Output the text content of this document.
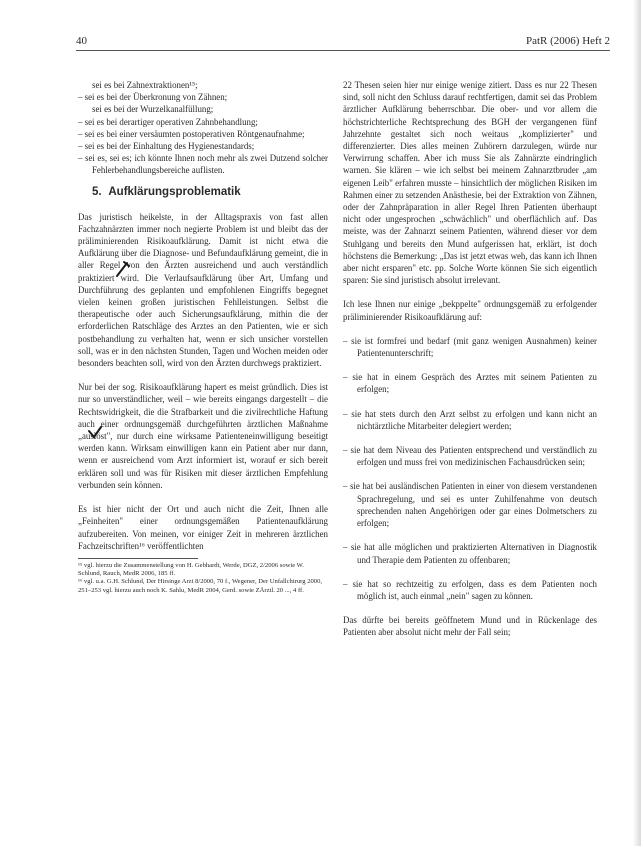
40	PatR (2006) Heft 2

sei es bei Zahnextraktionen¹⁵;

– sei es bei der Überkronung von Zähnen;

sei es bei der Wurzelkanalfüllung;

– sei es bei derartiger operativen Zahnbehandlung;

– sei es bei einer versäumten postoperativen Röntgenaufnahme;

– sei es bei der Einhaltung des Hygienestandards;

– sei es, sei es; ich könnte Ihnen noch mehr als zwei Dutzend solcher Fehlerbehandlungsbereiche auflisten.

5. Aufklärungsproblematik

Das juristisch heikelste, in der Alltagspraxis von fast allen Fachzahnärzten immer noch negierte Problem ist und bleibt das der präliminierenden Risikoaufklärung. Damit ist nicht etwa die Aufklärung über die Diagnose- und Befundaufklärung gemeint, die in aller Regel von den Ärzten ausreichend und auch verständlich praktiziert wird. Die Verlaufsaufklärung über Art, Umfang und Durchführung des geplanten und empfohlenen Eingriffs begegnet vielen keinen großen juristischen Fehlleistungen. Selbst die therapeutische oder auch Sicherungsaufklärung, mithin die der erforderlichen Ratschläge des Arztes an den Patienten, wie er sich postbehandlung zu verhalten hat, wenn er sich unsicher vorstellen soll, was er in den nächsten Stunden, Tagen und Wochen meiden oder besonders beachten soll, wird von den Ärzten durchwegs praktiziert.

Nur bei der sog. Risikoaufklärung hapert es meist gründlich. Dies ist nur so unverständlicher, weil – wie bereits eingangs dargestellt – die Rechtswidrigkeit, die die Strafbarkeit und die zivilrechtliche Haftung auch einer ordnungsgemäß durchgeführten ärztlichen Maßnahme „auslöst", nur durch eine wirksame Patienteneinwilligung beseitigt werden kann. Wirksam einwilligen kann ein Patient aber nur dann, wenn er ausreichend vom Arzt informiert ist, worauf er sich bereit erklären soll und was für Risiken mit dieser ärztlichen Empfehlung verbunden sein können.

Es ist hier nicht der Ort und auch nicht die Zeit, Ihnen alle „Feinheiten" einer ordnungsgemäßen Patientenaufklärung aufzubereiten. Von meinen, vor einiger Zeit in mehreren ärztlichen Fachzeitschriften¹⁶ veröffentlichten

¹⁵ vgl. hierzu die Zusammenstellung von H. Gebhardt, Werde, DGZ, 2/2006 sowie W. Schlund, Rauch, MedR 2006, 185 ff.

¹⁶ vgl. u.a. G.H. Schlund, Der Hirsinge Arzt 8/2000, 70 f., Wegener, Der Unfallchirurg 2000, 251–253 vgl. hierzu auch noch K. Sahlu, MedR 2004, Gerd. sowie ZÄrztl. 20 ..., 4 ff.

22 Thesen seien hier nur einige wenige zitiert. Dass es nur 22 Thesen sind, soll nicht den Schluss darauf rechtfertigen, damit sei das Problem ärztlicher Aufklärung beherrschbar. Die ober- und vor allem die höchstrichterliche Rechtsprechung des BGH der vergangenen fünf Jahrzehnte gestaltet sich noch weitaus „komplizierter" und differenzierter. Dies alles meinen Zuhörern darzulegen, würde nur Verwirrung schaffen. Aber ich muss Sie als Zahnärzte eindringlich warnen. Sie klären – wie ich selbst bei meinem Zahnarztbruder „am eigenen Leib" erfahren musste – hinsichtlich der möglichen Risiken im Rahmen einer zu setzenden Anästhesie, bei der Extraktion von Zähnen, oder der Zahnpräparation in aller Regel Ihren Patienten überhaupt nicht oder ungesprochen „schwächlich" und oberflächlich auf. Das meiste, was der Zahnarzt seinem Patienten, während dieser vor dem Stuhlgang und bereits den Mund aufgerissen hat, erklärt, ist doch höchstens die Bemerkung: „Das ist jetzt etwas weh, das kann ich Ihnen aber nicht ersparen" etc. pp. Solche Worte können Sie sich eigentlich sparen: Sie sind juristisch absolut irrelevant.

Ich lese Ihnen nur einige „bekppelte" ordnungsgemäß zu erfolgender präliminierender Risikoaufklärung auf:

– sie ist formfrei und bedarf (mit ganz wenigen Ausnahmen) keiner Patientenunterschrift;

– sie hat in einem Gespräch des Arztes mit seinem Patienten zu erfolgen;

– sie hat stets durch den Arzt selbst zu erfolgen und kann nicht an nichtärztliche Mitarbeiter delegiert werden;

– sie hat dem Niveau des Patienten entsprechend und verständlich zu erfolgen und muss frei von medizinischen Fachausdrücken sein;

– sie hat bei ausländischen Patienten in einer von diesem verstandenen Sprachregelung, und sei es unter Zuhilfenahme von deutsch sprechenden nahen Angehörigen oder gar eines Dolmetschers zu erfolgen;

– sie hat alle möglichen und praktizierten Alternativen in Diagnostik und Therapie dem Patienten zu offenbaren;

– sie hat so rechtzeitig zu erfolgen, dass es dem Patienten noch möglich ist, auch einmal „nein" sagen zu können.

Das dürfte bei bereits geöffnetem Mund und in Rückenlage des Patienten aber absolut nicht mehr der Fall sein;
